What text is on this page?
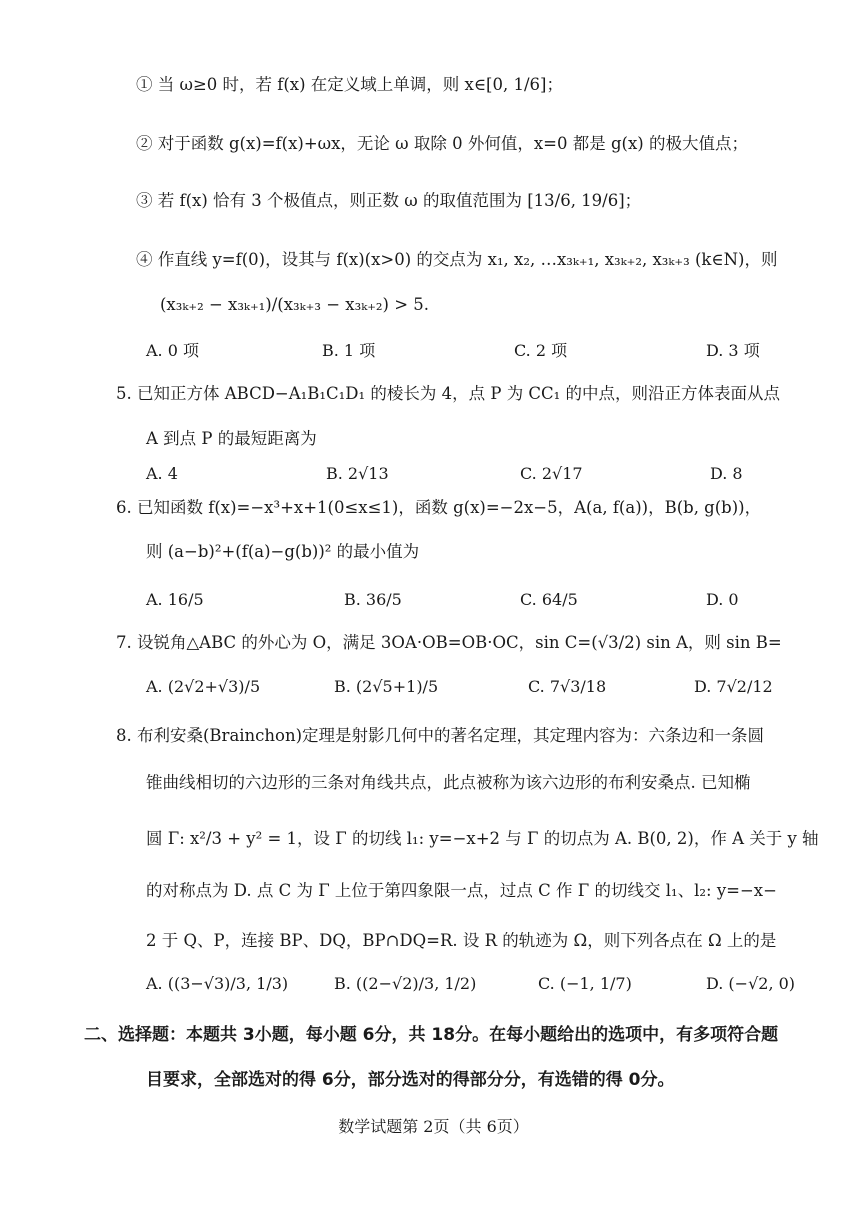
① 当 ω≥0 时，若 f(x) 在定义域上单调，则 x∈[0, 1/6]；
② 对于函数 g(x)=f(x)+ωx，无论 ω 取除 0 外何值，x=0 都是 g(x) 的极大值点；
③ 若 f(x) 恰有 3 个极值点，则正数 ω 的取值范围为 [13/6, 19/6]；
④ 作直线 y=f(0)，设其与 f(x)(x>0) 的交点为 x₁, x₂, …x₃ₖ₊₁, x₃ₖ₊₂, x₃ₖ₊₃ (k∈N)，则
(x₃ₖ₊₂ − x₃ₖ₊₁)/(x₃ₖ₊₃ − x₃ₖ₊₂) > 5.
A. 0 项	B. 1 项	C. 2 项	D. 3 项
5. 已知正方体 ABCD−A₁B₁C₁D₁ 的棱长为 4，点 P 为 CC₁ 的中点，则沿正方体表面从点
A 到点 P 的最短距离为
A. 4	B. 2√13	C. 2√17	D. 8
6. 已知函数 f(x)=−x³+x+1(0≤x≤1)，函数 g(x)=−2x−5，A(a, f(a))，B(b, g(b))，
则 (a−b)²+(f(a)−g(b))² 的最小值为
A. 16/5	B. 36/5	C. 64/5	D. 0
7. 设锐角△ABC 的外心为 O，满足 3OA·OB=OB·OC，sin C=(√3/2) sin A，则 sin B=
A. (2√2+√3)/5	B. (2√5+1)/5	C. 7√3/18	D. 7√2/12
8. 布利安桑(Brainchon)定理是射影几何中的著名定理，其定理内容为：六条边和一条圆
锥曲线相切的六边形的三条对角线共点，此点被称为该六边形的布利安桑点. 已知椭
圆 Γ: x²/3 + y² = 1，设 Γ 的切线 l₁: y=−x+2 与 Γ 的切点为 A. B(0, 2)，作 A 关于 y 轴
的对称点为 D. 点 C 为 Γ 上位于第四象限一点，过点 C 作 Γ 的切线交 l₁、l₂: y=−x−
2 于 Q、P，连接 BP、DQ，BP∩DQ=R. 设 R 的轨迹为 Ω，则下列各点在 Ω 上的是
A. ((3−√3)/3, 1/3)	B. ((2−√2)/3, 1/2)	C. (−1, 1/7)	D. (−√2, 0)
二、选择题：本题共 3小题，每小题 6分，共 18分。在每小题给出的选项中，有多项符合题
目要求，全部选对的得 6分，部分选对的得部分分，有选错的得 0分。
数学试题第 2页（共 6页）
